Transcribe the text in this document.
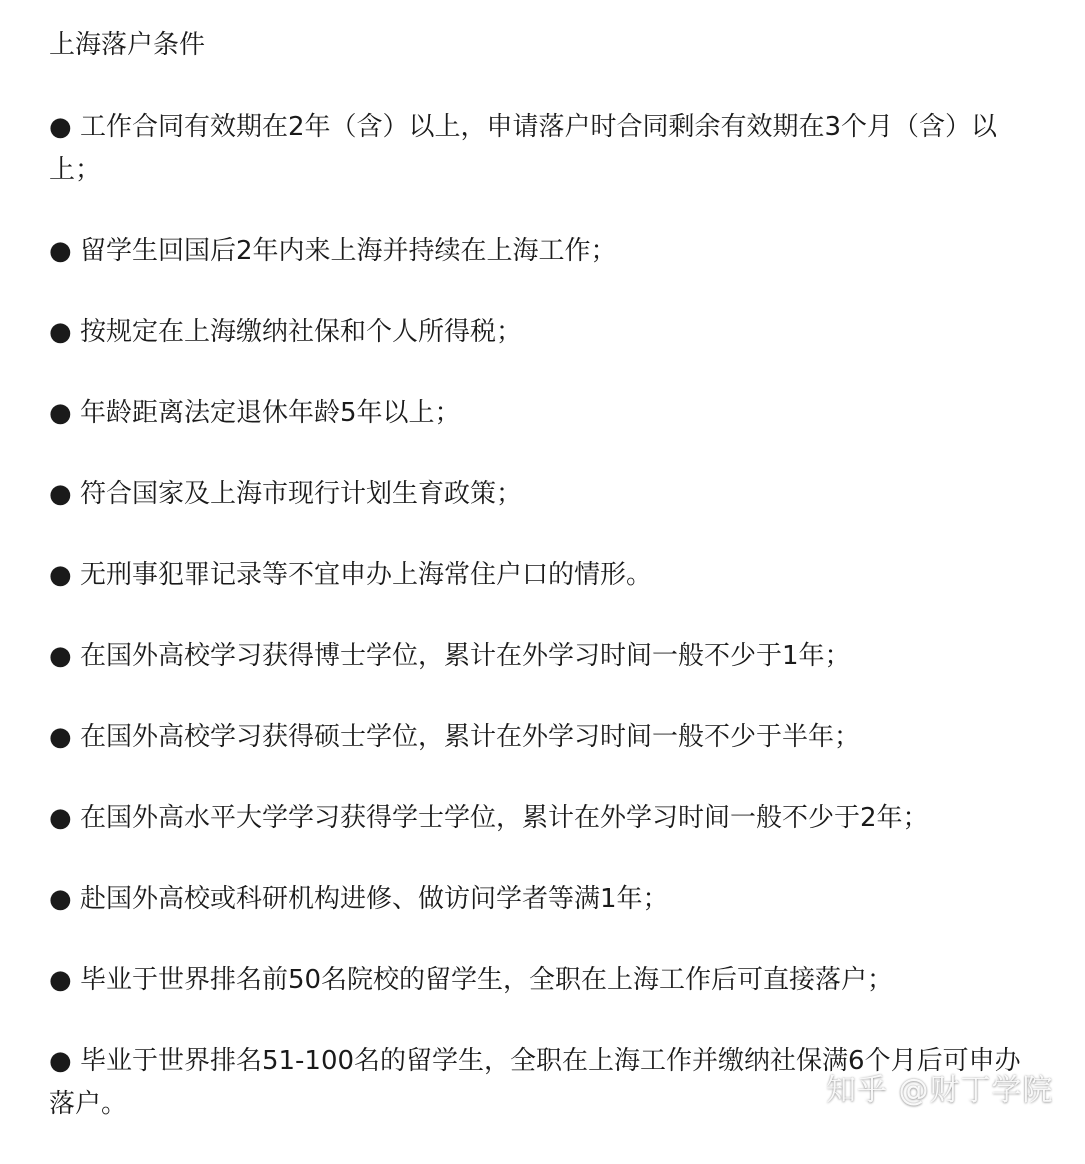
上海落户条件
● 工作合同有效期在2年（含）以上，申请落户时合同剩余有效期在3个月（含）以上；
● 留学生回国后2年内来上海并持续在上海工作；
● 按规定在上海缴纳社保和个人所得税；
● 年龄距离法定退休年龄5年以上；
● 符合国家及上海市现行计划生育政策；
● 无刑事犯罪记录等不宜申办上海常住户口的情形。
● 在国外高校学习获得博士学位，累计在外学习时间一般不少于1年；
● 在国外高校学习获得硕士学位，累计在外学习时间一般不少于半年；
● 在国外高水平大学学习获得学士学位，累计在外学习时间一般不少于2年；
● 赴国外高校或科研机构进修、做访问学者等满1年；
● 毕业于世界排名前50名院校的留学生，全职在上海工作后可直接落户；
● 毕业于世界排名51-100名的留学生，全职在上海工作并缴纳社保满6个月后可申办落户。	知乎 @财丁学院
